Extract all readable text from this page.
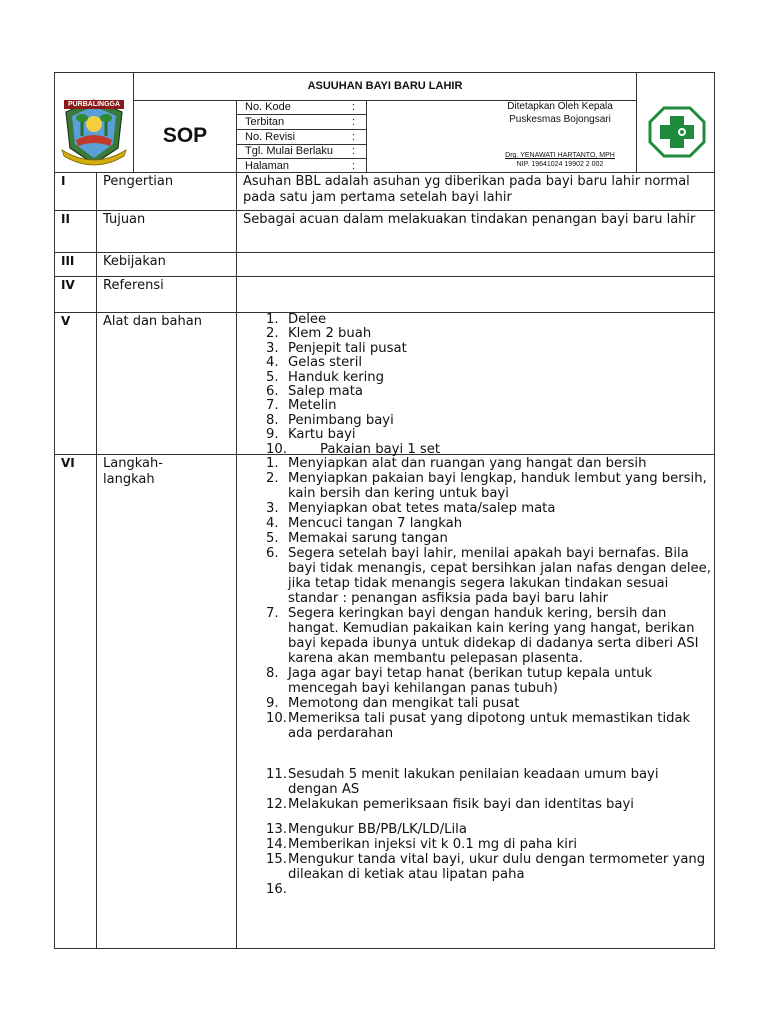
PURBALINGGA
ASUUHAN BAYI BARU LAHIR
SOP
No. Kode	:
Terbitan	:
No. Revisi	:
Tgl. Mulai Berlaku :
Halaman	:
Ditetapkan Oleh Kepala
Puskesmas Bojongsari
Drg. YENAWATI HARTANTO, MPH
NIP. 19641024 19902 2 002
I	Pengertian	Asuhan BBL adalah asuhan yg diberikan pada bayi baru lahir normal pada satu jam pertama setelah bayi lahir
II	Tujuan	Sebagai acuan dalam melakuakan tindakan penangan bayi baru lahir
III Kebijakan
IV Referensi
V	Alat dan bahan	1. Delee
2. Klem 2 buah
3. Penjepit tali pusat
4. Gelas steril
5. Handuk kering
6. Salep mata
7. Metelin
8. Penimbang bayi
9. Kartu bayi
10.	Pakaian bayi 1 set
VI Langkah-
langkah
1. Menyiapkan alat dan ruangan yang hangat dan bersih
2. Menyiapkan pakaian bayi lengkap, handuk lembut yang bersih, kain bersih dan kering untuk bayi
3. Menyiapkan obat tetes mata/salep mata
4. Mencuci tangan 7 langkah
5. Memakai sarung tangan
6. Segera setelah bayi lahir, menilai apakah bayi bernafas. Bila bayi tidak menangis, cepat bersihkan jalan nafas dengan delee, jika tetap tidak menangis segera lakukan tindakan sesuai standar : penangan asfiksia pada bayi baru lahir
7. Segera keringkan bayi dengan handuk kering, bersih dan hangat. Kemudian pakaikan kain kering yang hangat, berikan bayi kepada ibunya untuk didekap di dadanya serta diberi ASI karena akan membantu pelepasan plasenta.
8. Jaga agar bayi tetap hanat (berikan tutup kepala untuk mencegah bayi kehilangan panas tubuh)
9. Memotong dan mengikat tali pusat
10. Memeriksa tali pusat yang dipotong untuk memastikan tidak ada perdarahan
11. Sesudah 5 menit lakukan penilaian keadaan umum bayi dengan AS
12. Melakukan pemeriksaan fisik bayi dan identitas bayi
13. Mengukur BB/PB/LK/LD/Lila
14. Memberikan injeksi vit k 0.1 mg di paha kiri
15. Mengukur tanda vital bayi, ukur dulu dengan termometer yang dileakan di ketiak atau lipatan paha
16.
